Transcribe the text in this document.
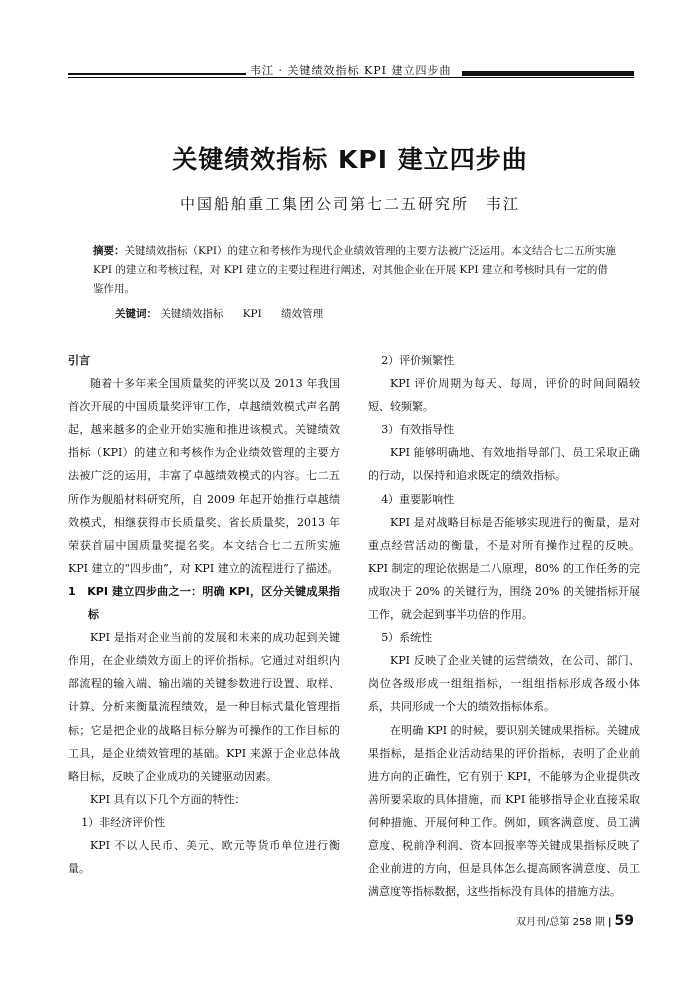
韦江 · 关键绩效指标 KPI 建立四步曲
关键绩效指标 KPI 建立四步曲
中国船舶重工集团公司第七二五研究所　韦江
摘要：关键绩效指标（KPI）的建立和考核作为现代企业绩效管理的主要方法被广泛运用。本文结合七二五所实施 KPI 的建立和考核过程，对 KPI 建立的主要过程进行阐述，对其他企业在开展 KPI 建立和考核时具有一定的借鉴作用。
关键词： 关键绩效指标 KPI 绩效管理

引言

随着十多年来全国质量奖的评奖以及 2013 年我国首次开展的中国质量奖评审工作，卓越绩效模式声名鹊起，越来越多的企业开始实施和推进该模式。关键绩效指标（KPI）的建立和考核作为企业绩效管理的主要方法被广泛的运用，丰富了卓越绩效模式的内容。七二五所作为舰船材料研究所，自 2009 年起开始推行卓越绩效模式，相继获得市长质量奖、省长质量奖，2013 年荣获首届中国质量奖提名奖。本文结合七二五所实施 KPI 建立的“四步曲”，对 KPI 建立的流程进行了描述。

1　KPI 建立四步曲之一：明确 KPI，区分关键成果指标

KPI 是指对企业当前的发展和未来的成功起到关键作用，在企业绩效方面上的评价指标。它通过对组织内部流程的输入端、输出端的关键参数进行设置、取样、计算、分析来衡量流程绩效，是一种目标式量化管理指标；它是把企业的战略目标分解为可操作的工作目标的工具，是企业绩效管理的基础。KPI 来源于企业总体战略目标，反映了企业成功的关键驱动因素。

KPI 具有以下几个方面的特性：

1）非经济评价性

KPI 不以人民币、美元、欧元等货币单位进行衡量。

2）评价频繁性

KPI 评价周期为每天、每周，评价的时间间隔较短、较频繁。

3）有效指导性

KPI 能够明确地、有效地指导部门、员工采取正确的行动，以保持和追求既定的绩效指标。

4）重要影响性

KPI 是对战略目标是否能够实现进行的衡量，是对重点经营活动的衡量，不是对所有操作过程的反映。KPI 制定的理论依据是二八原理，80% 的工作任务的完成取决于 20% 的关键行为，围绕 20% 的关键指标开展工作，就会起到事半功倍的作用。

5）系统性

KPI 反映了企业关键的运营绩效，在公司、部门、岗位各级形成一组组指标，一组组指标形成各级小体系，共同形成一个大的绩效指标体系。

在明确 KPI 的时候，要识别关键成果指标。关键成果指标，是指企业活动结果的评价指标，表明了企业前进方向的正确性，它有别于 KPI，不能够为企业提供改善所要采取的具体措施，而 KPI 能够指导企业直接采取何种措施、开展何种工作。例如，顾客满意度、员工满意度、税前净利润、资本回报率等关键成果指标反映了企业前进的方向，但是具体怎么提高顾客满意度、员工满意度等指标数据，这些指标没有具体的措施方法。

双月刊/总第 258 期 | 59
